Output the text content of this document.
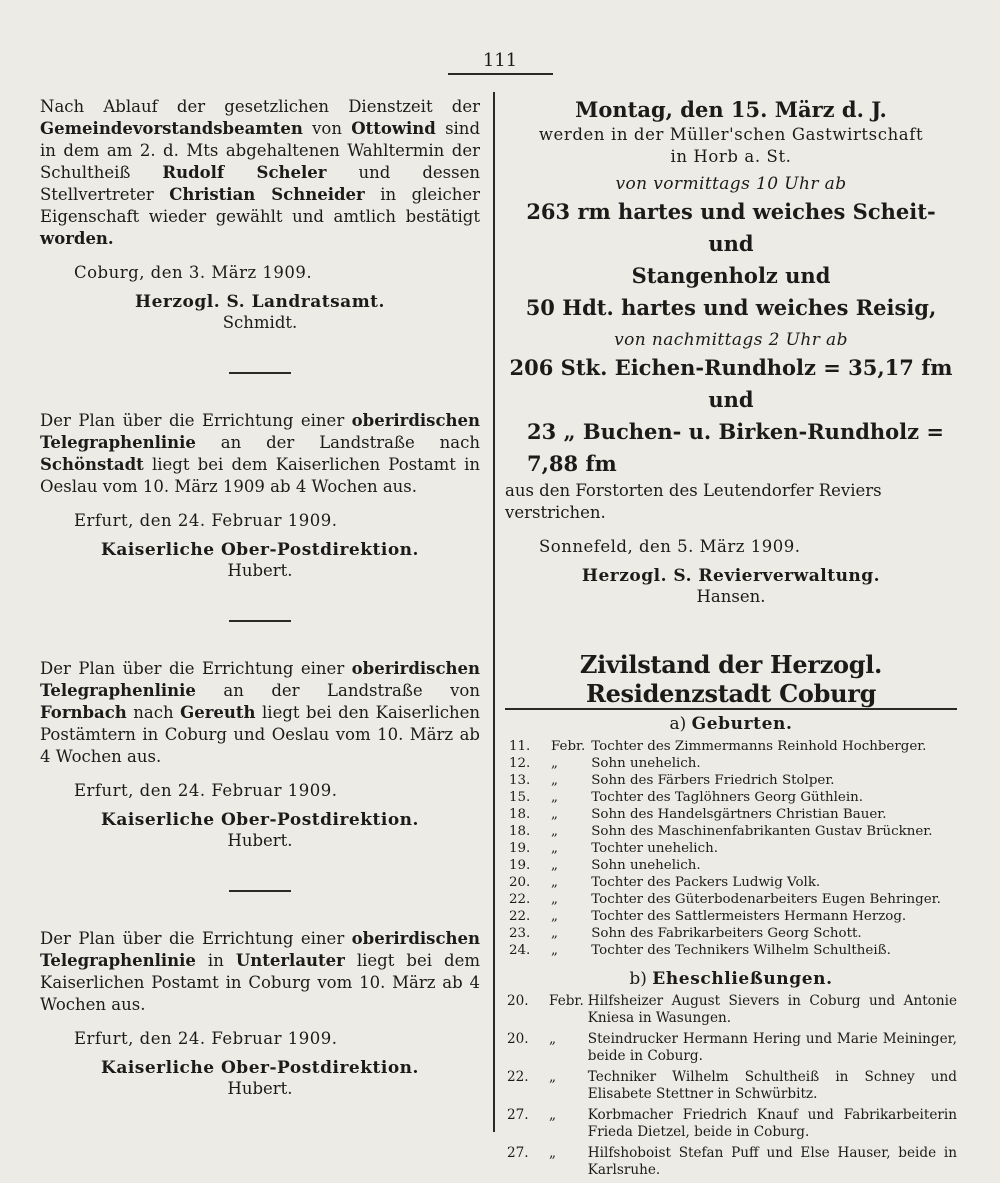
111

Nach Ablauf der gesetzlichen Dienstzeit der Gemeindevorstandsbeamten von Ottowind sind in dem am 2. d. Mts abgehaltenen Wahltermin der Schultheiß Rudolf Scheler und dessen Stellvertreter Christian Schneider in gleicher Eigenschaft wieder gewählt und amtlich bestätigt worden.

Coburg, den 3. März 1909.
Herzogl. S. Landratsamt.
Schmidt.

Der Plan über die Errichtung einer oberirdischen Telegraphenlinie an der Landstraße nach Schönstadt liegt bei dem Kaiserlichen Postamt in Oeslau vom 10. März 1909 ab 4 Wochen aus.

Erfurt, den 24. Februar 1909.
Kaiserliche Ober-Postdirektion.
Hubert.

Der Plan über die Errichtung einer oberirdischen Telegraphenlinie an der Landstraße von Fornbach nach Gereuth liegt bei den Kaiserlichen Postämtern in Coburg und Oeslau vom 10. März ab 4 Wochen aus.

Erfurt, den 24. Februar 1909.
Kaiserliche Ober-Postdirektion.
Hubert.

Der Plan über die Errichtung einer oberirdischen Telegraphenlinie in Unterlauter liegt bei dem Kaiserlichen Postamt in Coburg vom 10. März ab 4 Wochen aus.

Erfurt, den 24. Februar 1909.
Kaiserliche Ober-Postdirektion.
Hubert.
Montag, den 15. März d. J.
werden in der Müller'schen Gastwirtschaft
in Horb a. St.
von vormittags 10 Uhr ab
263 rm hartes und weiches Scheit- und
Stangenholz und
50 Hdt. hartes und weiches Reisig,
von nachmittags 2 Uhr ab
206 Stk. Eichen-Rundholz = 35,17 fm und
23 „ Buchen- u. Birken-Rundholz = 7,88 fm
aus den Forstorten des Leutendorfer Reviers verstrichen.
Sonnefeld, den 5. März 1909.
Herzogl. S. Revierverwaltung.
Hansen.
Zivilstand der Herzogl. Residenzstadt Coburg
a) Geburten.
11.	Febr.	Tochter des Zimmermanns Reinhold Hochberger.
12.	„	Sohn unehelich.
13.	„	Sohn des Färbers Friedrich Stolper.
15.	„	Tochter des Taglöhners Georg Güthlein.
18.	„	Sohn des Handelsgärtners Christian Bauer.
18.	„	Sohn des Maschinenfabrikanten Gustav Brückner.
19.	„	Tochter unehelich.
19.	„	Sohn unehelich.
20.	„	Tochter des Packers Ludwig Volk.
22.	„	Tochter des Güterbodenarbeiters Eugen Behringer.
22.	„	Tochter des Sattlermeisters Hermann Herzog.
23.	„	Sohn des Fabrikarbeiters Georg Schott.
24.	„	Tochter des Technikers Wilhelm Schultheiß.
b) Eheschließungen.
20.	Febr.	Hilfsheizer August Sievers in Coburg und Antonie Kniesa in Wasungen.
20.	„	Steindrucker Hermann Hering und Marie Meininger, beide in Coburg.
22.	„	Techniker Wilhelm Schultheiß in Schney und Elisabete Stettner in Schwürbitz.
27.	„	Korbmacher Friedrich Knauf und Fabrikarbeiterin Frieda Dietzel, beide in Coburg.
27.	„	Hilfshoboist Stefan Puff und Else Hauser, beide in Karlsruhe.
